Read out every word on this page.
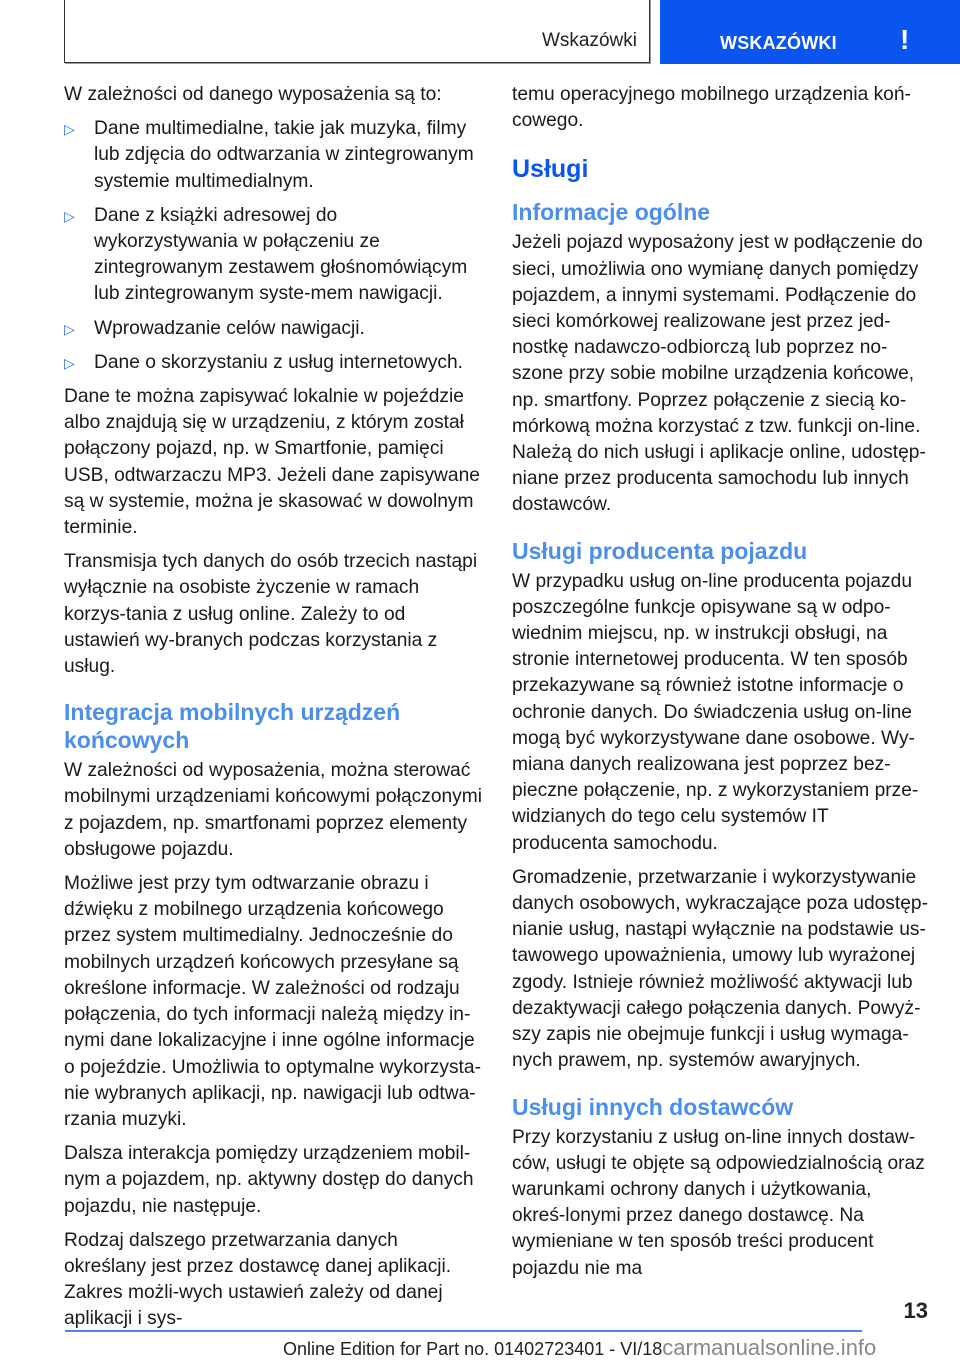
Wskazówki	WSKAZÓWKI !

W zależności od danego wyposażenia są to:

▷ Dane multimedialne, takie jak muzyka, filmy lub zdjęcia do odtwarzania w zintegrowanym systemie multimedialnym.
▷ Dane z książki adresowej do wykorzystywania w połączeniu ze zintegrowanym zestawem głośnomówiącym lub zintegrowanym syste-mem nawigacji.
▷ Wprowadzanie celów nawigacji.
▷ Dane o skorzystaniu z usług internetowych.

Dane te można zapisywać lokalnie w pojeździe albo znajdują się w urządzeniu, z którym został połączony pojazd, np. w Smartfonie, pamięci USB, odtwarzaczu MP3. Jeżeli dane zapisywane są w systemie, można je skasować w dowolnym terminie.

Transmisja tych danych do osób trzecich nastąpi wyłącznie na osobiste życzenie w ramach korzys-tania z usług online. Zależy to od ustawień wy-branych podczas korzystania z usług.

Integracja mobilnych urządzeń końcowych

W zależności od wyposażenia, można sterować mobilnymi urządzeniami końcowymi połączonymi z pojazdem, np. smartfonami poprzez elementy obsługowe pojazdu.

Możliwe jest przy tym odtwarzanie obrazu i dźwięku z mobilnego urządzenia końcowego przez system multimedialny. Jednocześnie do mobilnych urządzeń końcowych przesyłane są określone informacje. W zależności od rodzaju połączenia, do tych informacji należą między in-nymi dane lokalizacyjne i inne ogólne informacje o pojeździe. Umożliwia to optymalne wykorzysta-nie wybranych aplikacji, np. nawigacji lub odtwa-rzania muzyki.

Dalsza interakcja pomiędzy urządzeniem mobil-nym a pojazdem, np. aktywny dostęp do danych pojazdu, nie następuje.

Rodzaj dalszego przetwarzania danych określany jest przez dostawcę danej aplikacji. Zakres możli-wych ustawień zależy od danej aplikacji i sys-

temu operacyjnego mobilnego urządzenia koń-cowego.

Usługi
Informacje ogólne

Jeżeli pojazd wyposażony jest w podłączenie do sieci, umożliwia ono wymianę danych pomiędzy pojazdem, a innymi systemami. Podłączenie do sieci komórkowej realizowane jest przez jed-nostkę nadawczo-odbiorczą lub poprzez no-szone przy sobie mobilne urządzenia końcowe, np. smartfony. Poprzez połączenie z siecią ko-mórkową można korzystać z tzw. funkcji on-line. Należą do nich usługi i aplikacje online, udostęp-niane przez producenta samochodu lub innych dostawców.

Usługi producenta pojazdu

W przypadku usług on-line producenta pojazdu poszczególne funkcje opisywane są w odpo-wiednim miejscu, np. w instrukcji obsługi, na stronie internetowej producenta. W ten sposób przekazywane są również istotne informacje o ochronie danych. Do świadczenia usług on-line mogą być wykorzystywane dane osobowe. Wy-miana danych realizowana jest poprzez bez-pieczne połączenie, np. z wykorzystaniem prze-widzianych do tego celu systemów IT producenta samochodu.

Gromadzenie, przetwarzanie i wykorzystywanie danych osobowych, wykraczające poza udostęp-nianie usług, nastąpi wyłącznie na podstawie us-tawowego upoważnienia, umowy lub wyrażonej zgody. Istnieje również możliwość aktywacji lub dezaktywacji całego połączenia danych. Powyż-szy zapis nie obejmuje funkcji i usług wymaga-nych prawem, np. systemów awaryjnych.

Usługi innych dostawców

Przy korzystaniu z usług on-line innych dostaw-ców, usługi te objęte są odpowiedzialnością oraz warunkami ochrony danych i użytkowania, okreś-lonymi przez danego dostawcę. Na wymieniane w ten sposób treści producent pojazdu nie ma

13
Online Edition for Part no. 01402723401 - VI/18carmanualsonline.info
